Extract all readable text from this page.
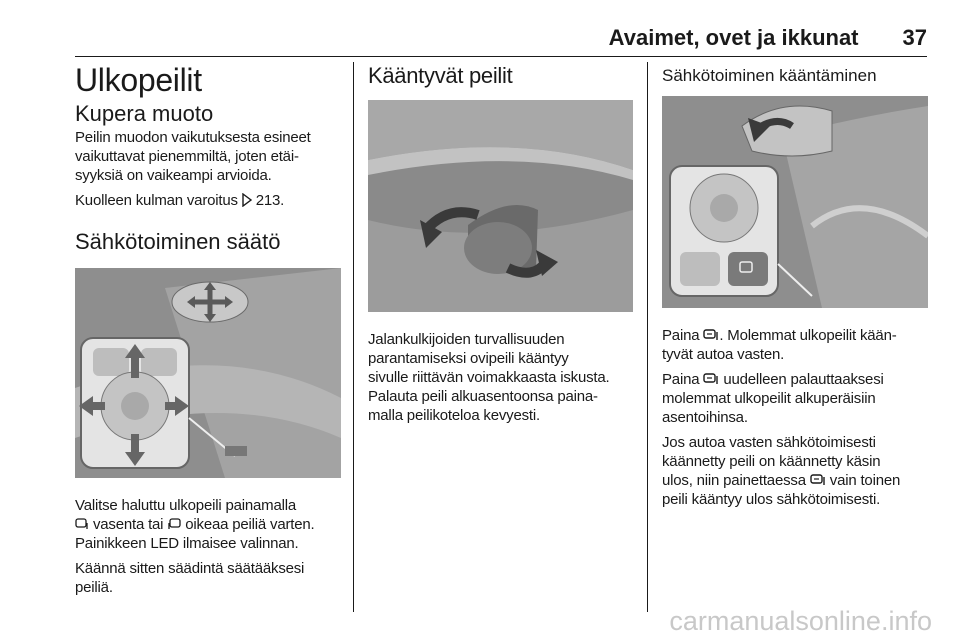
Avaimet, ovet ja ikkunat 37
Ulkopeilit
Kupera muoto

Peilin muodon vaikutuksesta esineet
vaikuttavat pienemmiltä, joten etäi-
syyksiä on vaikeampi arvioida.

Kuolleen kulman varoitus 213.

Sähkötoiminen säätö

Valitse haluttu ulkopeili painamalla
vasenta tai oikeaa peiliä varten.
Painikkeen LED ilmaisee valinnan.

Käännä sitten säädintä säätääksesi
peiliä.

Kääntyvät peilit

Jalankulkijoiden turvallisuuden
parantamiseksi ovipeili kääntyy
sivulle riittävän voimakkaasta iskusta.
Palauta peili alkuasentoonsa paina-
malla peilikoteloa kevyesti.

Sähkötoiminen kääntäminen

Paina . Molemmat ulkopeilit kään-
tyvät autoa vasten.

Paina uudelleen palauttaaksesi
molemmat ulkopeilit alkuperäisiin
asentoihinsa.

Jos autoa vasten sähkötoimisesti
käännetty peili on käännetty käsin
ulos, niin painettaessa vain toinen
peili kääntyy ulos sähkötoimisesti.

carmanualsonline.info
